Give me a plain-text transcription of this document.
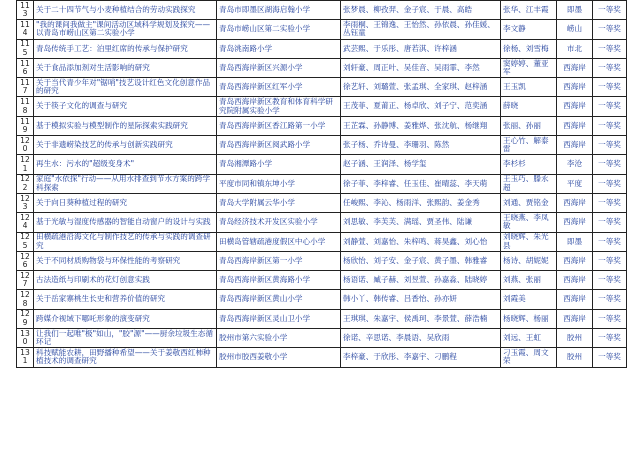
113	关于二十四节气与小麦种植结合的劳动实践探究	青岛市即墨区湖海启翰小学	张梦晨、柳孜羿、金子宸、于晨、高皓	张华、江丰霞	即墨	一等奖
114	"我的课间我做主"课间活动区域科学规划及探究——以青岛市崂山区第二实验小学	青岛市崂山区第二实验小学	李雨桐、王锦逸、王怡然、孙依晨、孙佳媛、丛钰童	李文静	崂山	一等奖
115	青岛传统手工艺：泊里红席的传承与保护研究	青岛洮南路小学	武芸熙、于乐彤、唐若淇、许梓涵	徐杨、刘雪梅	市北	一等奖
116	关于食品添加剂对生活影响的研究	青岛西海岸新区兴源小学	刘轩豪、周正叶、吴佳音、吴雨霏、李然	窦婷婷、董亚军	西海岸	一等奖
117	关于当代青少年对"锯哨"技艺设计红色文化创意作品的研究	青岛西海岸新区红军小学	徐艺轩、刘璐萱、张孟琪、全家琪、赵梓涵	王玉凯	西海岸	一等奖
118	关于筷子文化的调查与研究	青岛西海岸新区教育和体育科学研究院附属实验小学	王茂菲、夏莆正、杨卓欣、刘子宁、范奕涵	薛晓	西海岸	一等奖
119	基于模拟实验与模型制作的星际探索实践研究	青岛西海岸新区香江路第一小学	王芷霖、孙静博、姜雅烨、张沈航、杨继翔	张丽、孙丽	西海岸	一等奖
120	关于非遗崂染技艺的传承与创新实践研究	青岛西海岸新区阅武路小学	张子杨、乔诗曼、李珊羽、陈然	王心竹、解泰雷	西海岸	一等奖
121	再生水：污水的"超级变身术"	青岛湘潭路小学	赵子涵、王润泽、杨学玺	李杉杉	李沧	一等奖
122	家庭"水依探"行动——从用水排查到节水方案的跨学科探索	平度市同和镇东坤小学	徐子菲、李梓睿、任玉佳、崔晴蕊、李天萌	王玉巧、滕永超	平度	一等奖
123	关于向日葵种植过程的研究	青岛大学附属云华小学	任峻熙、李沁、杨雨洋、张熙韵、姜金秀	刘通、贾铭金	西海岸	一等奖
124	基于光敏与湿度传感器的智能自动窗户的设计与实践	青岛经济技术开发区实验小学	刘思敏、李芙芙、满瑶、贾圣伟、陆谦	王晓燕、李凤敏	西海岸	一等奖
125	田横疏港沿海文化与制作技艺的传承与实践的调查研究	田横岛管辖疏港度假区中心小学	刘静萱、刘嘉怡、朱梓鸣、蒋昊鑫、刘心怡	刘晓辉、朱光县	即墨	一等奖
126	关于不同材质购物袋与环保性能的考察研究	青岛西海岸新区第一小学	杨欣怡、刘子安、金子宸、黄子墨、韩雅睿	杨诗、胡妮妮	西海岸	一等奖
127	古法造纸与印刷术的花灯创意实践	青岛西海岸新区黄海路小学	杨语诺、臧子赫、刘昱萱、孙嘉淼、陆晓婷	刘燕、张丽	西海岸	一等奖
128	关于岳家寨桃生长史和营养价值的研究	青岛西海岸新区黄山小学	韩小丫、韩传睿、吕香怡、孙亦妍	刘霞美	西海岸	一等奖
129	跨媒介视域下哪吒形象的演变研究	青岛西海岸新区灵山卫小学	王琪琪、朱嘉宇、侯禹珂、李景萱、薛浩楠	杨晓辉、杨丽	西海岸	一等奖
130	让我们一起唯"极"如山，"胶"源"——厨余垃圾生态循环记	胶州市第六实验小学	徐诺、辛思诺、李晨语、吴欣雨	刘远、王虹	胶州	一等奖
131	科技赋能农耕，田野播种希望——关于姜敬西红柿种植技术的调查研究	胶州市胶西姜敬小学	李梓豪、于欣彤、李嘉宇、刁鹏程	刁玉霞、周文荣	胶州	一等奖
